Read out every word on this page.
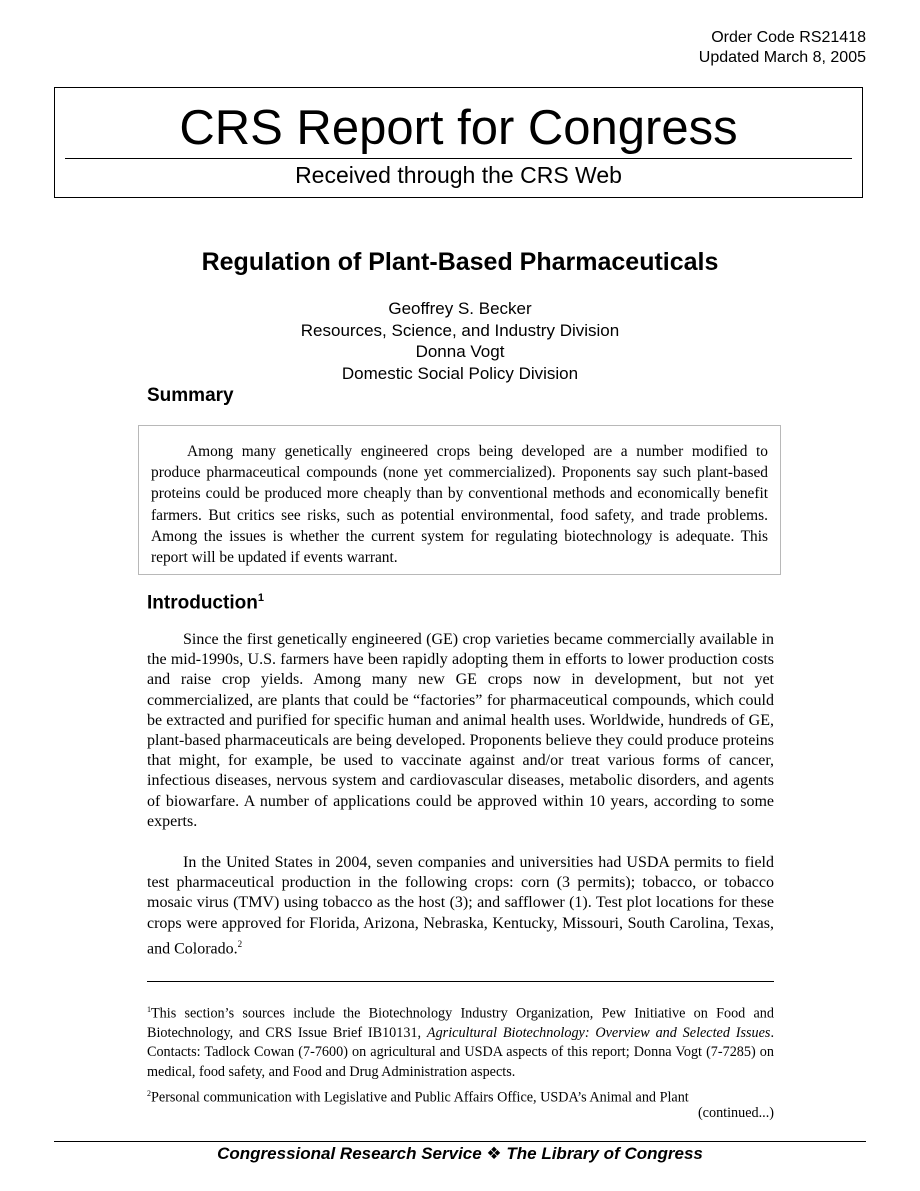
Order Code RS21418
Updated March 8, 2005
CRS Report for Congress
Received through the CRS Web
Regulation of Plant-Based Pharmaceuticals
Geoffrey S. Becker
Resources, Science, and Industry Division
Donna Vogt
Domestic Social Policy Division
Summary

Among many genetically engineered crops being developed are a number modified to produce pharmaceutical compounds (none yet commercialized). Proponents say such plant-based proteins could be produced more cheaply than by conventional methods and economically benefit farmers. But critics see risks, such as potential environmental, food safety, and trade problems. Among the issues is whether the current system for regulating biotechnology is adequate. This report will be updated if events warrant.

Introduction$^1$

Since the first genetically engineered (GE) crop varieties became commercially available in the mid-1990s, U.S. farmers have been rapidly adopting them in efforts to lower production costs and raise crop yields. Among many new GE crops now in development, but not yet commercialized, are plants that could be “factories” for pharmaceutical compounds, which could be extracted and purified for specific human and animal health uses. Worldwide, hundreds of GE, plant-based pharmaceuticals are being developed. Proponents believe they could produce proteins that might, for example, be used to vaccinate against and/or treat various forms of cancer, infectious diseases, nervous system and cardiovascular diseases, metabolic disorders, and agents of biowarfare. A number of applications could be approved within 10 years, according to some experts.

In the United States in 2004, seven companies and universities had USDA permits to field test pharmaceutical production in the following crops: corn (3 permits); tobacco, or tobacco mosaic virus (TMV) using tobacco as the host (3); and safflower (1). Test plot locations for these crops were approved for Florida, Arizona, Nebraska, Kentucky, Missouri, South Carolina, Texas, and Colorado.$^2$

$^1$This section’s sources include the Biotechnology Industry Organization, Pew Initiative on Food and Biotechnology, and CRS Issue Brief IB10131, Agricultural Biotechnology: Overview and Selected Issues. Contacts: Tadlock Cowan (7-7600) on agricultural and USDA aspects of this report; Donna Vogt (7-7285) on medical, food safety, and Food and Drug Administration aspects.

$^2$Personal communication with Legislative and Public Affairs Office, USDA’s Animal and Plant

(continued...)
Congressional Research Service ❖ The Library of Congress
